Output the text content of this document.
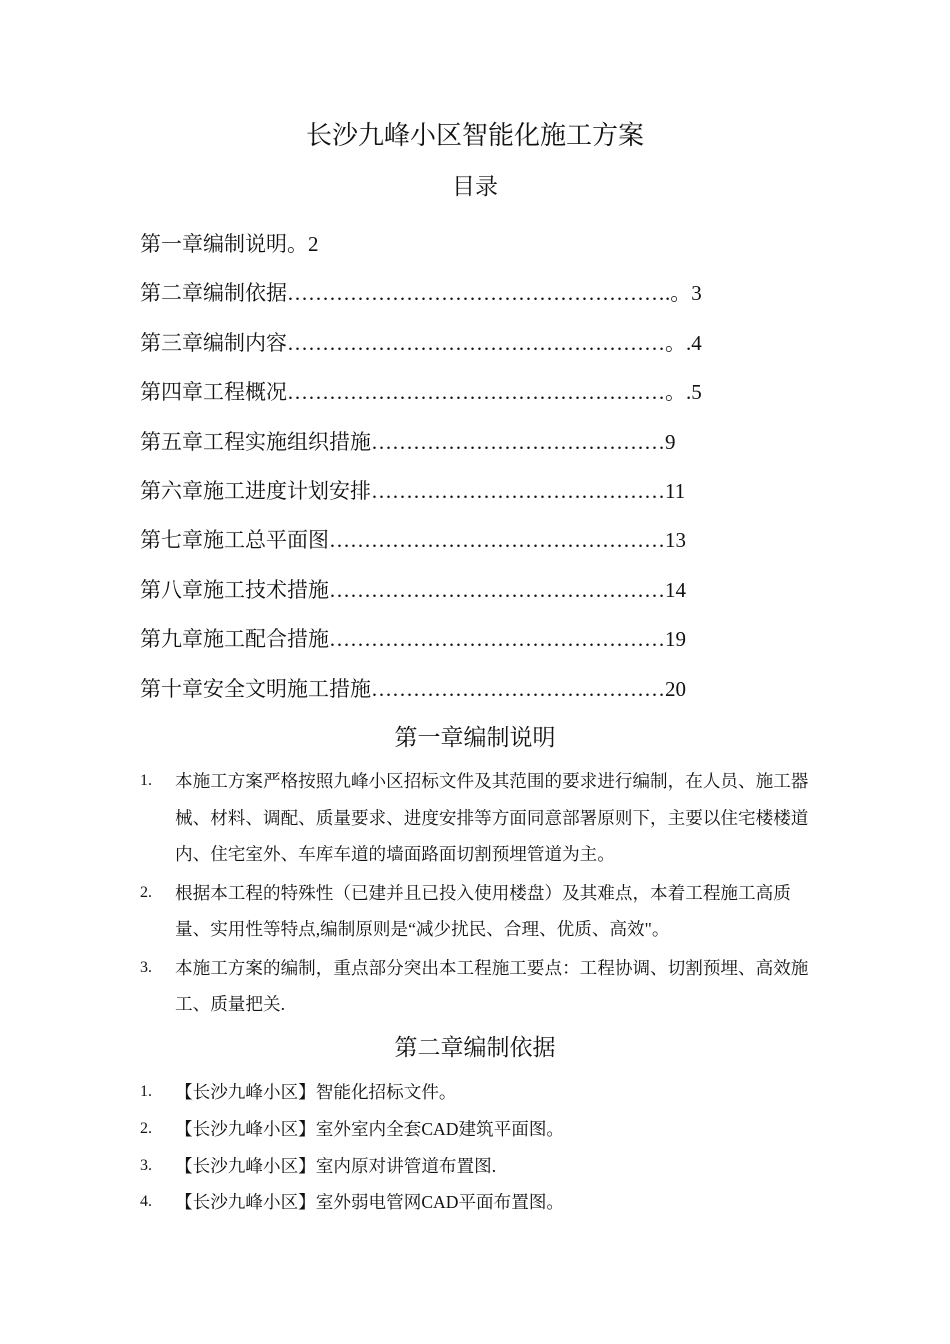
长沙九峰小区智能化施工方案
目录
第一章编制说明。2
第二章编制依据……………………………………………….。3
第三章编制内容………………………………………………。.4
第四章工程概况………………………………………………。.5
第五章工程实施组织措施……………………………………9
第六章施工进度计划安排……………………………………11
第七章施工总平面图…………………………………………13
第八章施工技术措施…………………………………………14
第九章施工配合措施…………………………………………19
第十章安全文明施工措施……………………………………20
第一章编制说明
1. 本施工方案严格按照九峰小区招标文件及其范围的要求进行编制，在人员、施工器械、材料、调配、质量要求、进度安排等方面同意部署原则下，主要以住宅楼楼道内、住宅室外、车库车道的墙面路面切割预埋管道为主。
2. 根据本工程的特殊性（已建并且已投入使用楼盘）及其难点，本着工程施工高质量、实用性等特点,编制原则是“减少扰民、合理、优质、高效"。
3. 本施工方案的编制，重点部分突出本工程施工要点：工程协调、切割预埋、高效施工、质量把关.
第二章编制依据
1. 【长沙九峰小区】智能化招标文件。
2. 【长沙九峰小区】室外室内全套CAD建筑平面图。
3. 【长沙九峰小区】室内原对讲管道布置图.
4. 【长沙九峰小区】室外弱电管网CAD平面布置图。
